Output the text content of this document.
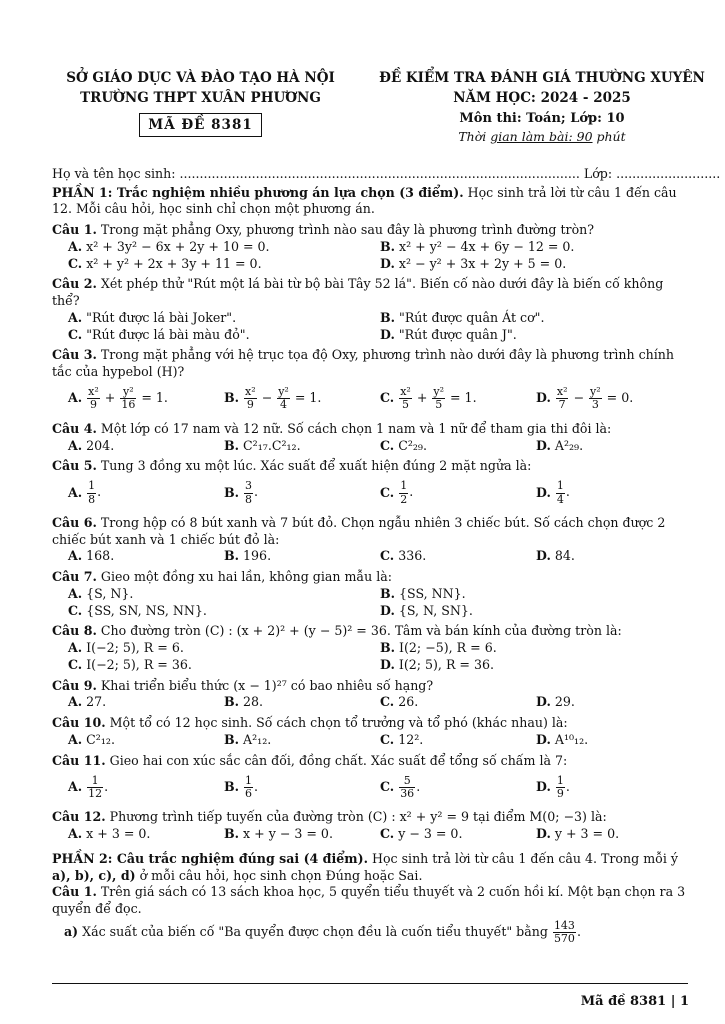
SỞ GIÁO DỤC VÀ ĐÀO TẠO HÀ NỘI
TRƯỜNG THPT XUÂN PHƯƠNG
MÃ ĐỀ 8381
ĐỀ KIỂM TRA ĐÁNH GIÁ THƯỜNG XUYÊN
NĂM HỌC: 2024 - 2025
Môn thi: Toán; Lớp: 10
Thời gian làm bài: 90 phút

Họ và tên học sinh: .................................................................................................... Lớp: ..........................

PHẦN 1: Trắc nghiệm nhiều phương án lựa chọn (3 điểm). Học sinh trả lời từ câu 1 đến câu 12. Mỗi câu hỏi, học sinh chỉ chọn một phương án.

Câu 1. Trong mặt phẳng Oxy, phương trình nào sau đây là phương trình đường tròn?

A. x² + 3y² − 6x + 2y + 10 = 0.	B. x² + y² − 4x + 6y − 12 = 0.
C. x² + y² + 2x + 3y + 11 = 0.	D. x² − y² + 3x + 2y + 5 = 0.

Câu 2. Xét phép thử "Rút một lá bài từ bộ bài Tây 52 lá". Biến cố nào dưới đây là biến cố không thể?

A. "Rút được lá bài Joker".	B. "Rút được quân Át cơ".
C. "Rút được lá bài màu đỏ".	D. "Rút được quân J".

Câu 3. Trong mặt phẳng với hệ trục tọa độ Oxy, phương trình nào dưới đây là phương trình chính tắc của hypebol (H)?

A. $\frac{\text{x²}}{9} + \frac{\text{y²}}{16} = 1$.	B. $\frac{\text{x²}}{9} - \frac{\text{y²}}{4} = 1$.	C. $\frac{\text{x²}}{5} + \frac{\text{y²}}{5} = 1$.	D. $\frac{\text{x²}}{7} - \frac{\text{y²}}{3} = 0$.

Câu 4. Một lớp có 17 nam và 12 nữ. Số cách chọn 1 nam và 1 nữ để tham gia thi đôi là:

A. 204.	B. C²₁₇.C²₁₂.	C. C²₂₉.	D. A²₂₉.

Câu 5. Tung 3 đồng xu một lúc. Xác suất để xuất hiện đúng 2 mặt ngửa là:

A. $\frac{1}{8}$ .	B. $\frac{3}{8}$ .	C. $\frac{1}{2}$ .	D. $\frac{1}{4}$ .

Câu 6. Trong hộp có 8 bút xanh và 7 bút đỏ. Chọn ngẫu nhiên 3 chiếc bút. Số cách chọn được 2 chiếc bút xanh và 1 chiếc bút đỏ là:

A. 168.	B. 196.	C. 336.	D. 84.

Câu 7. Gieo một đồng xu hai lần, không gian mẫu là:

A. {S, N}.	B. {SS, NN}.
C. {SS, SN, NS, NN}.	D. {S, N, SN}.

Câu 8. Cho đường tròn (C) : (x + 2)² + (y − 5)² = 36. Tâm và bán kính của đường tròn là:

A. I(−2; 5), R = 6.	B. I(2; −5), R = 6.
C. I(−2; 5), R = 36.	D. I(2; 5), R = 36.

Câu 9. Khai triển biểu thức (x − 1)²⁷ có bao nhiêu số hạng?

A. 27.	B. 28.	C. 26.	D. 29.

Câu 10. Một tổ có 12 học sinh. Số cách chọn tổ trưởng và tổ phó (khác nhau) là:

A. C²₁₂.	B. A²₁₂.	C. 12².	D. A¹⁰₁₂.

Câu 11. Gieo hai con xúc sắc cân đối, đồng chất. Xác suất để tổng số chấm là 7:

A. $\frac{1}{12}$ .	B. $\frac{1}{6}$ .	C. $\frac{5}{36}$ .	D. $\frac{1}{9}$ .

Câu 12. Phương trình tiếp tuyến của đường tròn (C) : x² + y² = 9 tại điểm M(0; −3) là:

A. x + 3 = 0.	B. x + y − 3 = 0.	C. y − 3 = 0.	D. y + 3 = 0.

PHẦN 2: Câu trắc nghiệm đúng sai (4 điểm). Học sinh trả lời từ câu 1 đến câu 4. Trong mỗi ý a), b), c), d) ở mỗi câu hỏi, học sinh chọn Đúng hoặc Sai.

Câu 1. Trên giá sách có 13 sách khoa học, 5 quyển tiểu thuyết và 2 cuốn hồi kí. Một bạn chọn ra 3 quyển để đọc.

a) Xác suất của biến cố "Ba quyển được chọn đều là cuốn tiểu thuyết" bằng $\frac{143}{570}$ .

Mã đề 8381 | 1
